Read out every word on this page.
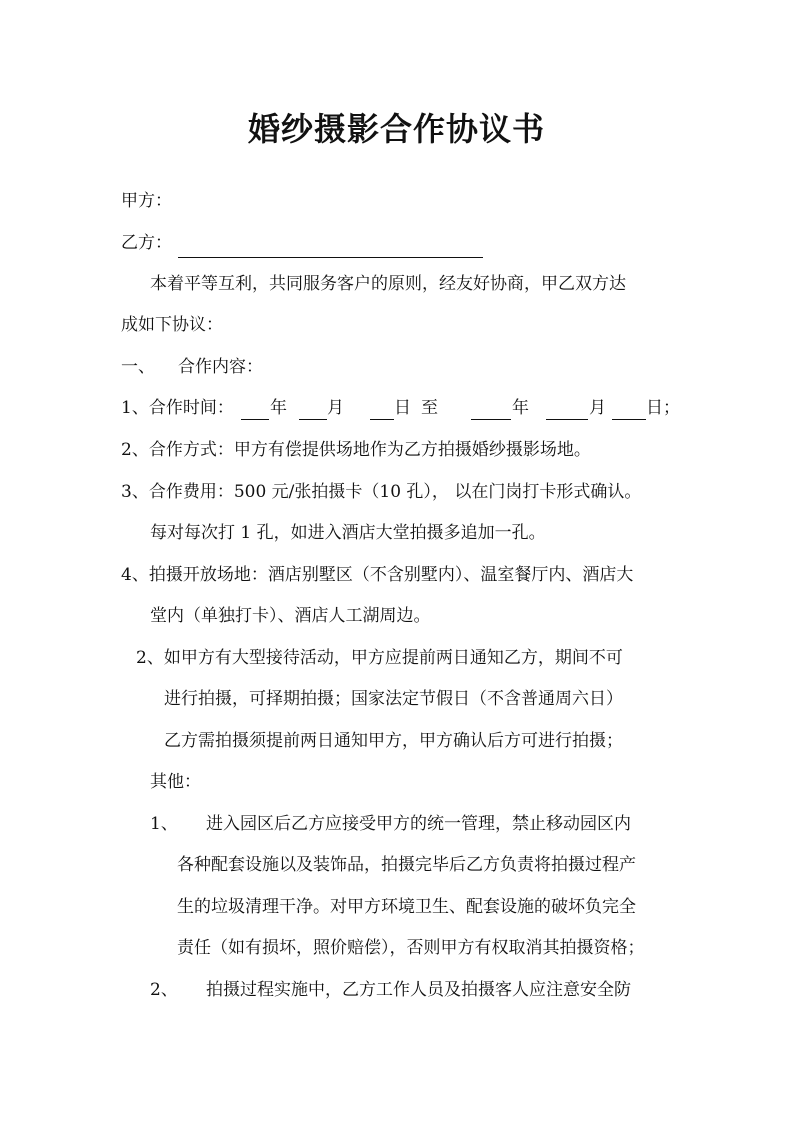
婚纱摄影合作协议书
甲方：
乙方：
本着平等互利，共同服务客户的原则，经友好协商，甲乙双方达
成如下协议：
一、 合作内容：
1、合作时间： 年 月	日 至	年	月 日；
2、合作方式：甲方有偿提供场地作为乙方拍摄婚纱摄影场地。
3、合作费用：500 元/张拍摄卡（10 孔）， 以在门岗打卡形式确认。
每对每次打 1 孔，如进入酒店大堂拍摄多追加一孔。
4、拍摄开放场地：酒店别墅区（不含别墅内）、温室餐厅内、酒店大
堂内（单独打卡）、酒店人工湖周边。
2、如甲方有大型接待活动，甲方应提前两日通知乙方，期间不可
进行拍摄，可择期拍摄；国家法定节假日（不含普通周六日）
乙方需拍摄须提前两日通知甲方，甲方确认后方可进行拍摄；
其他：
1、 进入园区后乙方应接受甲方的统一管理，禁止移动园区内
各种配套设施以及装饰品，拍摄完毕后乙方负责将拍摄过程产
生的垃圾清理干净。对甲方环境卫生、配套设施的破坏负完全
责任（如有损坏，照价赔偿），否则甲方有权取消其拍摄资格；
2、 拍摄过程实施中，乙方工作人员及拍摄客人应注意安全防
